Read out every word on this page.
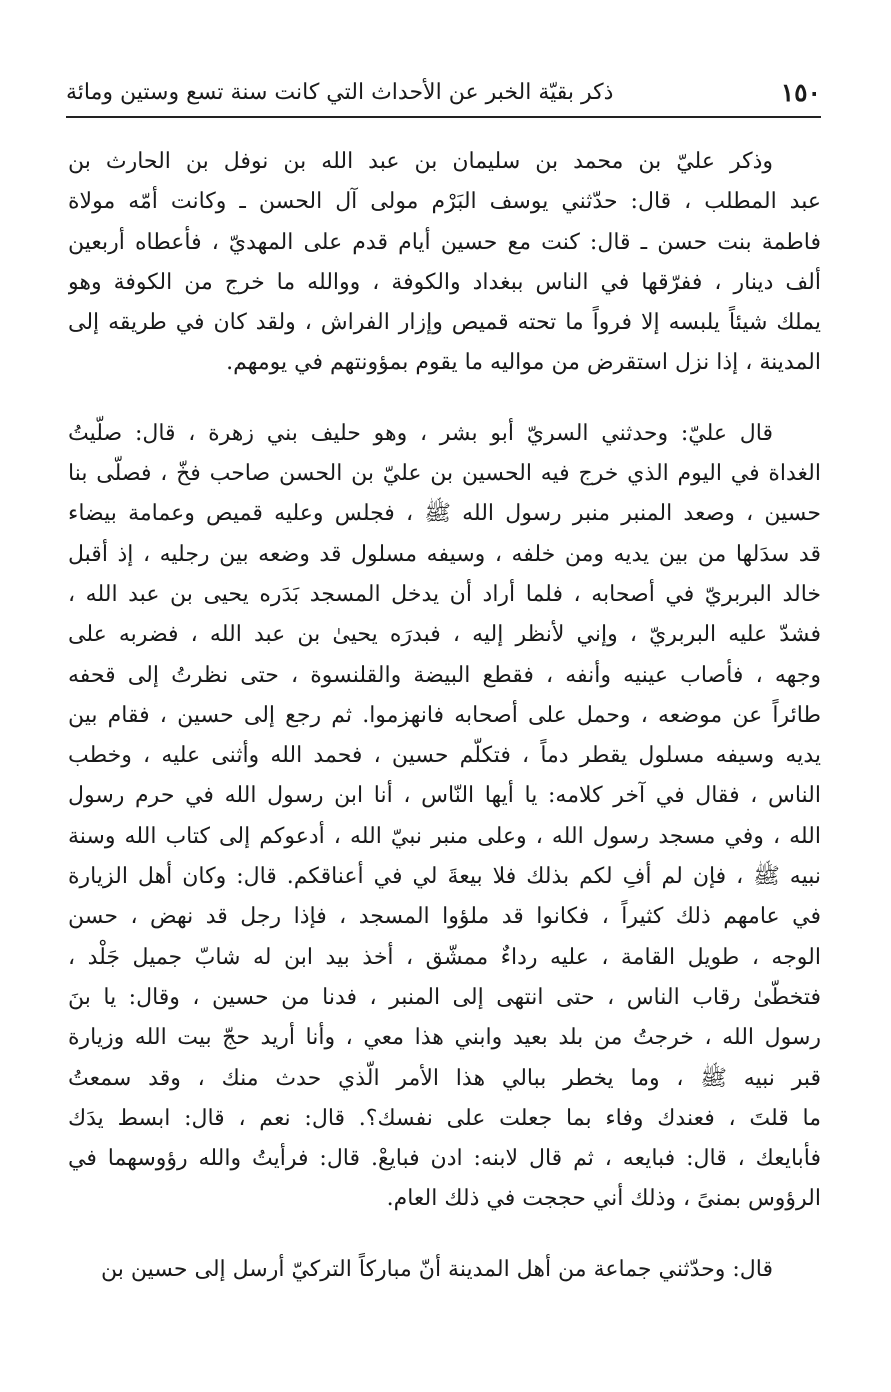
١٥٠
ذكر بقيّة الخبر عن الأحداث التي كانت سنة تسع وستين ومائة

وذكر عليّ بن محمد بن سليمان بن عبد الله بن نوفل بن الحارث بن
عبد المطلب ، قال: حدّثني يوسف البَرْم مولى آل الحسن ـ وكانت أمّه مولاة
فاطمة بنت حسن ـ قال: كنت مع حسين أيام قدم على المهديّ ، فأعطاه أربعين
ألف دينار ، ففرّقها في الناس ببغداد والكوفة ، ووالله ما خرج من الكوفة وهو
يملك شيئاً يلبسه إلا فرواً ما تحته قميص وإزار الفراش ، ولقد كان في طريقه إلى
المدينة ، إذا نزل استقرض من مواليه ما يقوم بمؤونتهم في يومهم.

قال عليّ: وحدثني السريّ أبو بشر ، وهو حليف بني زهرة ، قال: صلّيتُ
الغداة في اليوم الذي خرج فيه الحسين بن عليّ بن الحسن صاحب فخّ ، فصلّى بنا
حسين ، وصعد المنبر منبر رسول الله ﷺ ، فجلس وعليه قميص وعمامة بيضاء
قد سدَلها من بين يديه ومن خلفه ، وسيفه مسلول قد وضعه بين رجليه ، إذ أقبل
خالد البربريّ في أصحابه ، فلما أراد أن يدخل المسجد بَدَره يحيى بن عبد الله ،
فشدّ عليه البربريّ ، وإني لأنظر إليه ، فبدرَه يحيىٰ بن عبد الله ، فضربه على
وجهه ، فأصاب عينيه وأنفه ، فقطع البيضة والقلنسوة ، حتى نظرتُ إلى قحفه
طائراً عن موضعه ، وحمل على أصحابه فانهزموا. ثم رجع إلى حسين ، فقام بين
يديه وسيفه مسلول يقطر دماً ، فتكلّم حسين ، فحمد الله وأثنى عليه ، وخطب
الناس ، فقال في آخر كلامه: يا أيها النّاس ، أنا ابن رسول الله في حرم رسول
الله ، وفي مسجد رسول الله ، وعلى منبر نبيّ الله ، أدعوكم إلى كتاب الله وسنة
نبيه ﷺ ، فإن لم أفِ لكم بذلك فلا بيعةَ لي في أعناقكم. قال: وكان أهل الزيارة
في عامهم ذلك كثيراً ، فكانوا قد ملؤوا المسجد ، فإذا رجل قد نهض ، حسن
الوجه ، طويل القامة ، عليه رداءٌ ممشّق ، أخذ بيد ابن له شابّ جميل جَلْد ،
فتخطّىٰ رقاب الناس ، حتى انتهى إلى المنبر ، فدنا من حسين ، وقال: يا بنَ
رسول الله ، خرجتُ من بلد بعيد وابني هذا معي ، وأنا أريد حجّ بيت الله وزيارة
قبر نبيه ﷺ ، وما يخطر ببالي هذا الأمر الّذي حدث منك ، وقد سمعتُ
ما قلتَ ، فعندك وفاء بما جعلت على نفسك؟. قال: نعم ، قال: ابسط يدَك
فأبايعك ، قال: فبايعه ، ثم قال لابنه: ادن فبايعْ. قال: فرأيتُ والله رؤوسهما في
الرؤوس بمنىً ، وذلك أني حججت في ذلك العام.

قال: وحدّثني جماعة من أهل المدينة أنّ مباركاً التركيّ أرسل إلى حسين بن
